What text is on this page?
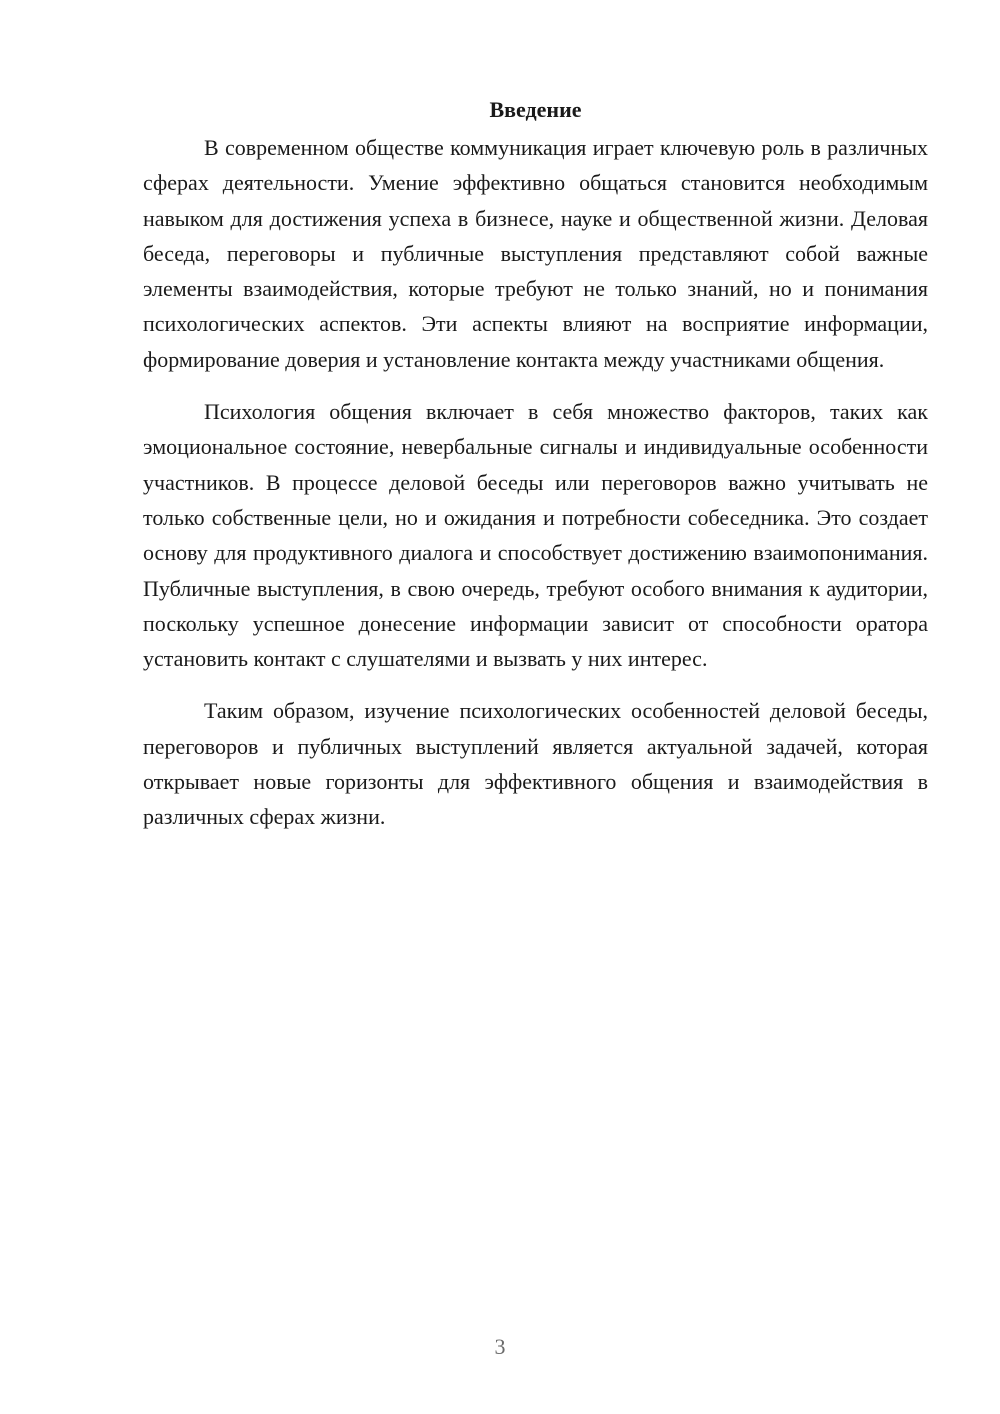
Введение

В современном обществе коммуникация играет ключевую роль в различных сферах деятельности. Умение эффективно общаться становится необходимым навыком для достижения успеха в бизнесе, науке и общественной жизни. Деловая беседа, переговоры и публичные выступления представляют собой важные элементы взаимодействия, которые требуют не только знаний, но и понимания психологических аспектов. Эти аспекты влияют на восприятие информации, формирование доверия и установление контакта между участниками общения.

Психология общения включает в себя множество факторов, таких как эмоциональное состояние, невербальные сигналы и индивидуальные особенности участников. В процессе деловой беседы или переговоров важно учитывать не только собственные цели, но и ожидания и потребности собеседника. Это создает основу для продуктивного диалога и способствует достижению взаимопонимания. Публичные выступления, в свою очередь, требуют особого внимания к аудитории, поскольку успешное донесение информации зависит от способности оратора установить контакт с слушателями и вызвать у них интерес.

Таким образом, изучение психологических особенностей деловой беседы, переговоров и публичных выступлений является актуальной задачей, которая открывает новые горизонты для эффективного общения и взаимодействия в различных сферах жизни.

3
